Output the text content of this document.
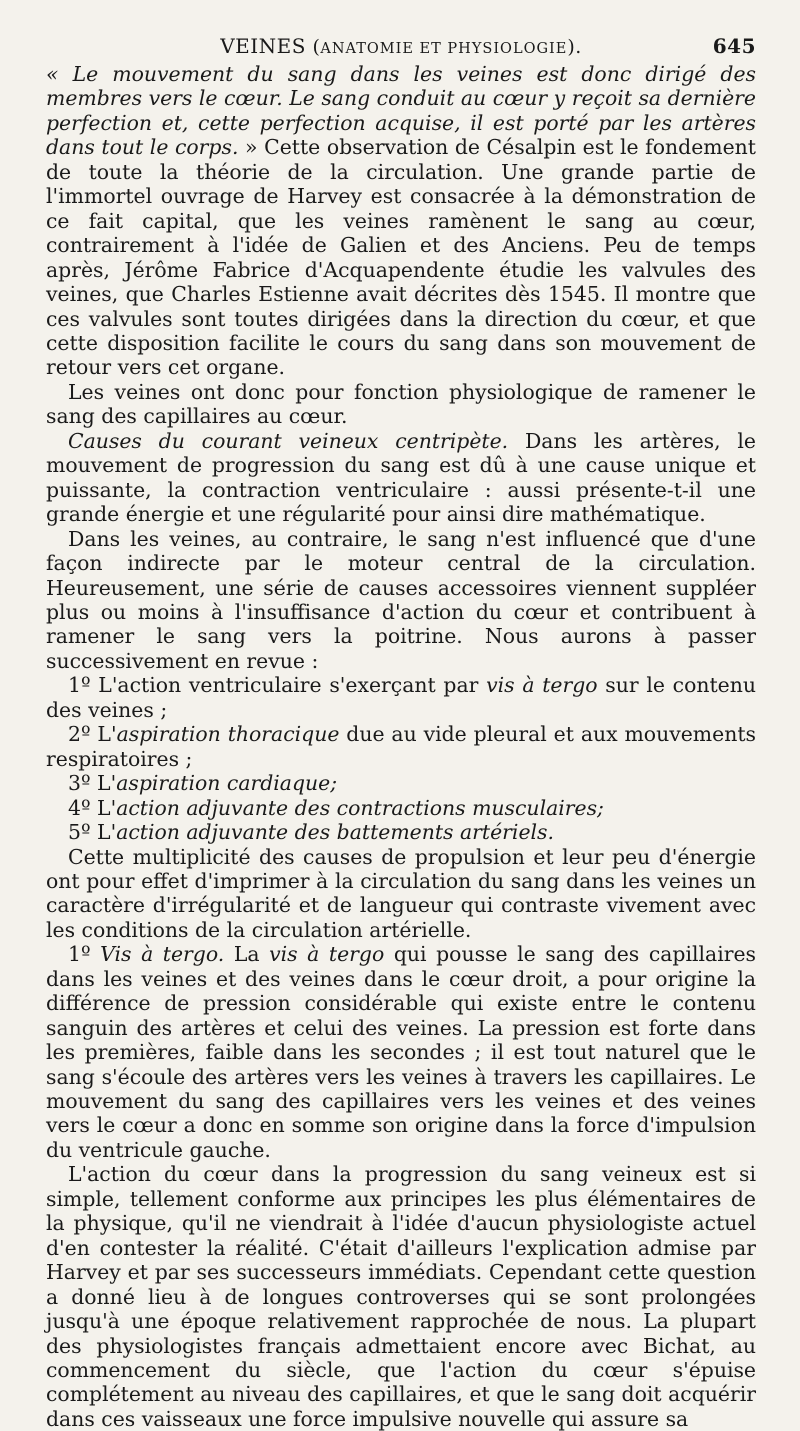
VEINES (ANATOMIE ET PHYSIOLOGIE).	645

« Le mouvement du sang dans les veines est donc dirigé des membres vers le cœur. Le sang conduit au cœur y reçoit sa dernière perfection et, cette perfection acquise, il est porté par les artères dans tout le corps. » Cette observation de Césalpin est le fondement de toute la théorie de la circulation. Une grande partie de l'immortel ouvrage de Harvey est consacrée à la démonstration de ce fait capital, que les veines ramènent le sang au cœur, contrairement à l'idée de Galien et des Anciens. Peu de temps après, Jérôme Fabrice d'Acquapendente étudie les valvules des veines, que Charles Estienne avait décrites dès 1545. Il montre que ces valvules sont toutes dirigées dans la direction du cœur, et que cette disposition facilite le cours du sang dans son mouvement de retour vers cet organe.

Les veines ont donc pour fonction physiologique de ramener le sang des capillaires au cœur.

Causes du courant veineux centripète. Dans les artères, le mouvement de progression du sang est dû à une cause unique et puissante, la contraction ventriculaire : aussi présente-t-il une grande énergie et une régularité pour ainsi dire mathématique.

Dans les veines, au contraire, le sang n'est influencé que d'une façon indirecte par le moteur central de la circulation. Heureusement, une série de causes accessoires viennent suppléer plus ou moins à l'insuffisance d'action du cœur et contribuent à ramener le sang vers la poitrine. Nous aurons à passer successivement en revue :

1º L'action ventriculaire s'exerçant par vis à tergo sur le contenu des veines ;

2º L'aspiration thoracique due au vide pleural et aux mouvements respiratoires ;

3º L'aspiration cardiaque;

4º L'action adjuvante des contractions musculaires;

5º L'action adjuvante des battements artériels.

Cette multiplicité des causes de propulsion et leur peu d'énergie ont pour effet d'imprimer à la circulation du sang dans les veines un caractère d'irrégularité et de langueur qui contraste vivement avec les conditions de la circulation artérielle.

1º Vis à tergo. La vis à tergo qui pousse le sang des capillaires dans les veines et des veines dans le cœur droit, a pour origine la différence de pression considérable qui existe entre le contenu sanguin des artères et celui des veines. La pression est forte dans les premières, faible dans les secondes ; il est tout naturel que le sang s'écoule des artères vers les veines à travers les capillaires. Le mouvement du sang des capillaires vers les veines et des veines vers le cœur a donc en somme son origine dans la force d'impulsion du ventricule gauche.

L'action du cœur dans la progression du sang veineux est si simple, tellement conforme aux principes les plus élémentaires de la physique, qu'il ne viendrait à l'idée d'aucun physiologiste actuel d'en contester la réalité. C'était d'ailleurs l'explication admise par Harvey et par ses successeurs immédiats. Cependant cette question a donné lieu à de longues controverses qui se sont prolongées jusqu'à une époque relativement rapprochée de nous. La plupart des physiologistes français admettaient encore avec Bichat, au commencement du siècle, que l'action du cœur s'épuise complétement au niveau des capillaires, et que le sang doit acquérir dans ces vaisseaux une force impulsive nouvelle qui assure sa
